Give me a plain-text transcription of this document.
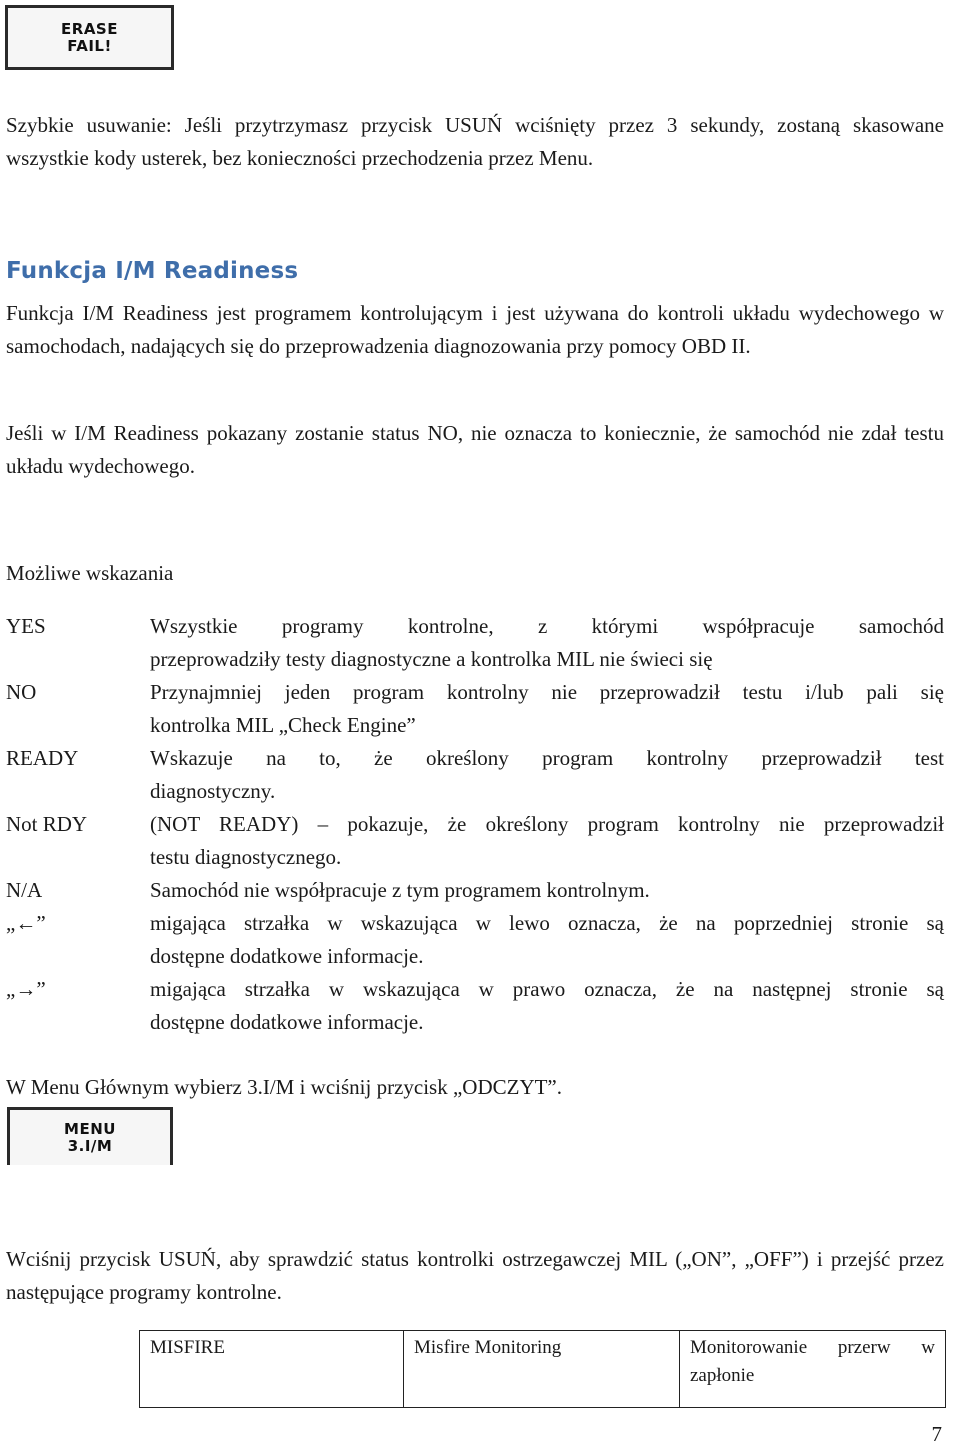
ERASE
FAIL!

Szybkie usuwanie: Jeśli przytrzymasz przycisk USUŃ wciśnięty przez 3 sekundy, zostaną skasowane wszystkie kody usterek, bez konieczności przechodzenia przez Menu.

Funkcja I/M Readiness

Funkcja I/M Readiness jest programem kontrolującym i jest używana do kontroli układu wydechowego w samochodach, nadających się do przeprowadzenia diagnozowania przy pomocy OBD II.

Jeśli w I/M Readiness pokazany zostanie status NO, nie oznacza to koniecznie, że samochód nie zdał testu układu wydechowego.

Możliwe wskazania

YES	Wszystkie programy kontrolne, z którymi współpracuje samochód
przeprowadziły testy diagnostyczne a kontrolka MIL nie świeci się
NO	Przynajmniej jeden program kontrolny nie przeprowadził testu i/lub pali się
kontrolka MIL „Check Engine”
READY	Wskazuje na to, że określony program kontrolny przeprowadził test
diagnostyczny.
Not RDY	(NOT READY) – pokazuje, że określony program kontrolny nie przeprowadził
testu diagnostycznego.
N/A	Samochód nie współpracuje z tym programem kontrolnym.
„←”	migająca strzałka w wskazująca w lewo oznacza, że na poprzedniej stronie są
dostępne dodatkowe informacje.
„→”	migająca strzałka w wskazująca w prawo oznacza, że na następnej stronie są
dostępne dodatkowe informacje.

W Menu Głównym wybierz 3.I/M i wciśnij przycisk „ODCZYT”.

MENU
3.I/M

Wciśnij przycisk USUŃ, aby sprawdzić status kontrolki ostrzegawczej MIL („ON”, „OFF”) i przejść przez następujące programy kontrolne.

MISFIRE	Misfire Monitoring	Monitorowanie przerw w zapłonie
7
